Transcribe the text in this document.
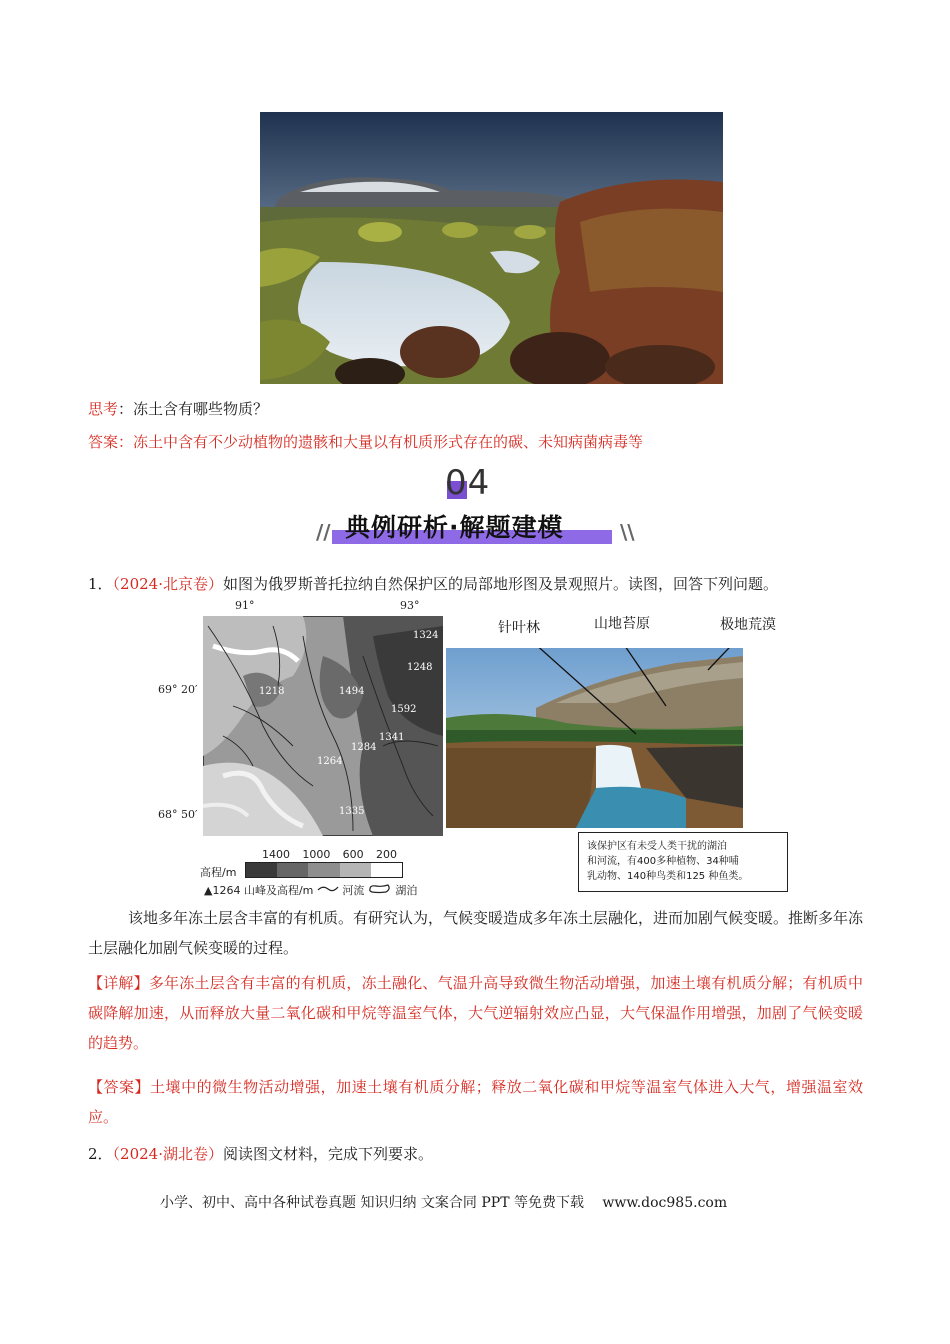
思考：冻土含有哪些物质？
答案：冻土中含有不少动植物的遗骸和大量以有机质形式存在的碳、未知病菌病毒等
04
//	\\
典例研析·解题建模
1．（2024·北京卷）如图为俄罗斯普托拉纳自然保护区的局部地形图及景观照片。读图，回答下列问题。
91°	93°
69° 20′
68° 50′
1324
1248
1218	1494
1592
1341
1284
1264
1335
1400 1000 600 200
高程/m
▲1264 山峰及高程/m	河流	湖泊
针叶林	山地苔原	极地荒漠
该保护区有未受人类干扰的湖泊
和河流，有400多种植物、34种哺
乳动物、140种鸟类和125 种鱼类。
该地多年冻土层含丰富的有机质。有研究认为，气候变暖造成多年冻土层融化，进而加剧气候变暖。推断多年冻土层融化加剧气候变暖的过程。
【详解】多年冻土层含有丰富的有机质，冻土融化、气温升高导致微生物活动增强，加速土壤有机质分解；有机质中碳降解加速，从而释放大量二氧化碳和甲烷等温室气体，大气逆辐射效应凸显，大气保温作用增强，加剧了气候变暖的趋势。
【答案】土壤中的微生物活动增强，加速土壤有机质分解；释放二氧化碳和甲烷等温室气体进入大气，增强温室效应。
2．（2024·湖北卷）阅读图文材料，完成下列要求。
小学、初中、高中各种试卷真题 知识归纳 文案合同 PPT 等免费下载　 www.doc985.com
